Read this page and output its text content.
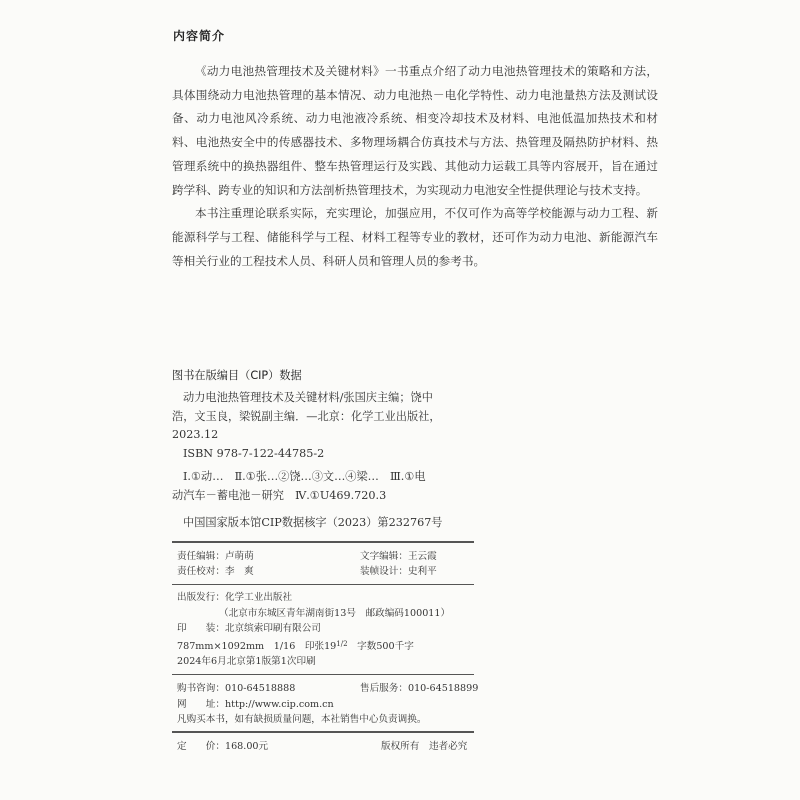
内容简介

《动力电池热管理技术及关键材料》一书重点介绍了动力电池热管理技术的策略和方法，具体围绕动力电池热管理的基本情况、动力电池热－电化学特性、动力电池量热方法及测试设备、动力电池风冷系统、动力电池液冷系统、相变冷却技术及材料、电池低温加热技术和材料、电池热安全中的传感器技术、多物理场耦合仿真技术与方法、热管理及隔热防护材料、热管理系统中的换热器组件、整车热管理运行及实践、其他动力运载工具等内容展开，旨在通过跨学科、跨专业的知识和方法剖析热管理技术，为实现动力电池安全性提供理论与技术支持。

本书注重理论联系实际，充实理论，加强应用，不仅可作为高等学校能源与动力工程、新能源科学与工程、储能科学与工程、材料工程等专业的教材，还可作为动力电池、新能源汽车等相关行业的工程技术人员、科研人员和管理人员的参考书。

图书在版编目（CIP）数据

动力电池热管理技术及关键材料/张国庆主编；饶中

浩，文玉良，梁锐副主编．—北京：化学工业出版社，

2023.12

ISBN 978-7-122-44785-2

Ⅰ.①动…　Ⅱ.①张…②饶…③文…④梁…　Ⅲ.①电

动汽车－蓄电池－研究　Ⅳ.①U469.720.3

中国国家版本馆CIP数据核字（2023）第232767号

责任编辑：卢萌萌	文字编辑：王云霞
责任校对：李　爽	装帧设计：史利平

出版发行：化学工业出版社

（北京市东城区青年湖南街13号　邮政编码100011）

印　　装：北京缤索印刷有限公司

787mm×1092mm　1/16　印张$19^{1/2}$　字数500千字

2024年6月北京第1版第1次印刷

购书咨询：010-64518888	售后服务：010-64518899
网　　址：http://www.cip.com.cn
凡购买本书，如有缺损质量问题，本社销售中心负责调换。
定　　价：168.00元	版权所有　违者必究
